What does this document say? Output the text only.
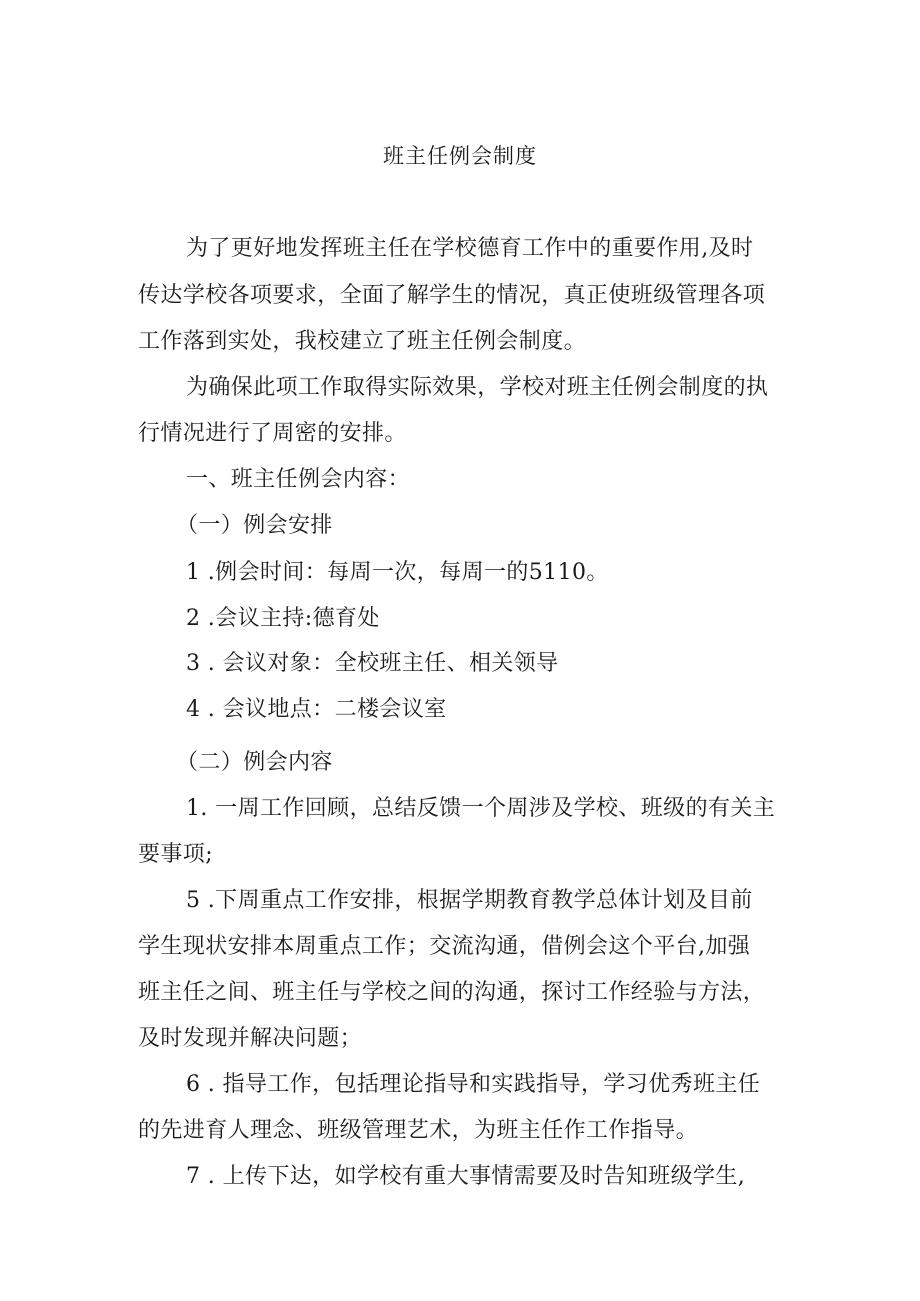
班主任例会制度
为了更好地发挥班主任在学校德育工作中的重要作用,及时
传达学校各项要求，全面了解学生的情况，真正使班级管理各项
工作落到实处，我校建立了班主任例会制度。
为确保此项工作取得实际效果，学校对班主任例会制度的执
行情况进行了周密的安排。
一、班主任例会内容：
（一）例会安排
1 .例会时间：每周一次，每周一的5110。
2 .会议主持:德育处
3 . 会议对象：全校班主任、相关领导
4 . 会议地点：二楼会议室
（二）例会内容
1. 一周工作回顾，总结反馈一个周涉及学校、班级的有关主
要事项;
5 .下周重点工作安排，根据学期教育教学总体计划及目前
学生现状安排本周重点工作；交流沟通，借例会这个平台,加强
班主任之间、班主任与学校之间的沟通，探讨工作经验与方法，
及时发现并解决问题；
6 . 指导工作，包括理论指导和实践指导，学习优秀班主任
的先进育人理念、班级管理艺术，为班主任作工作指导。
7 . 上传下达，如学校有重大事情需要及时告知班级学生,
